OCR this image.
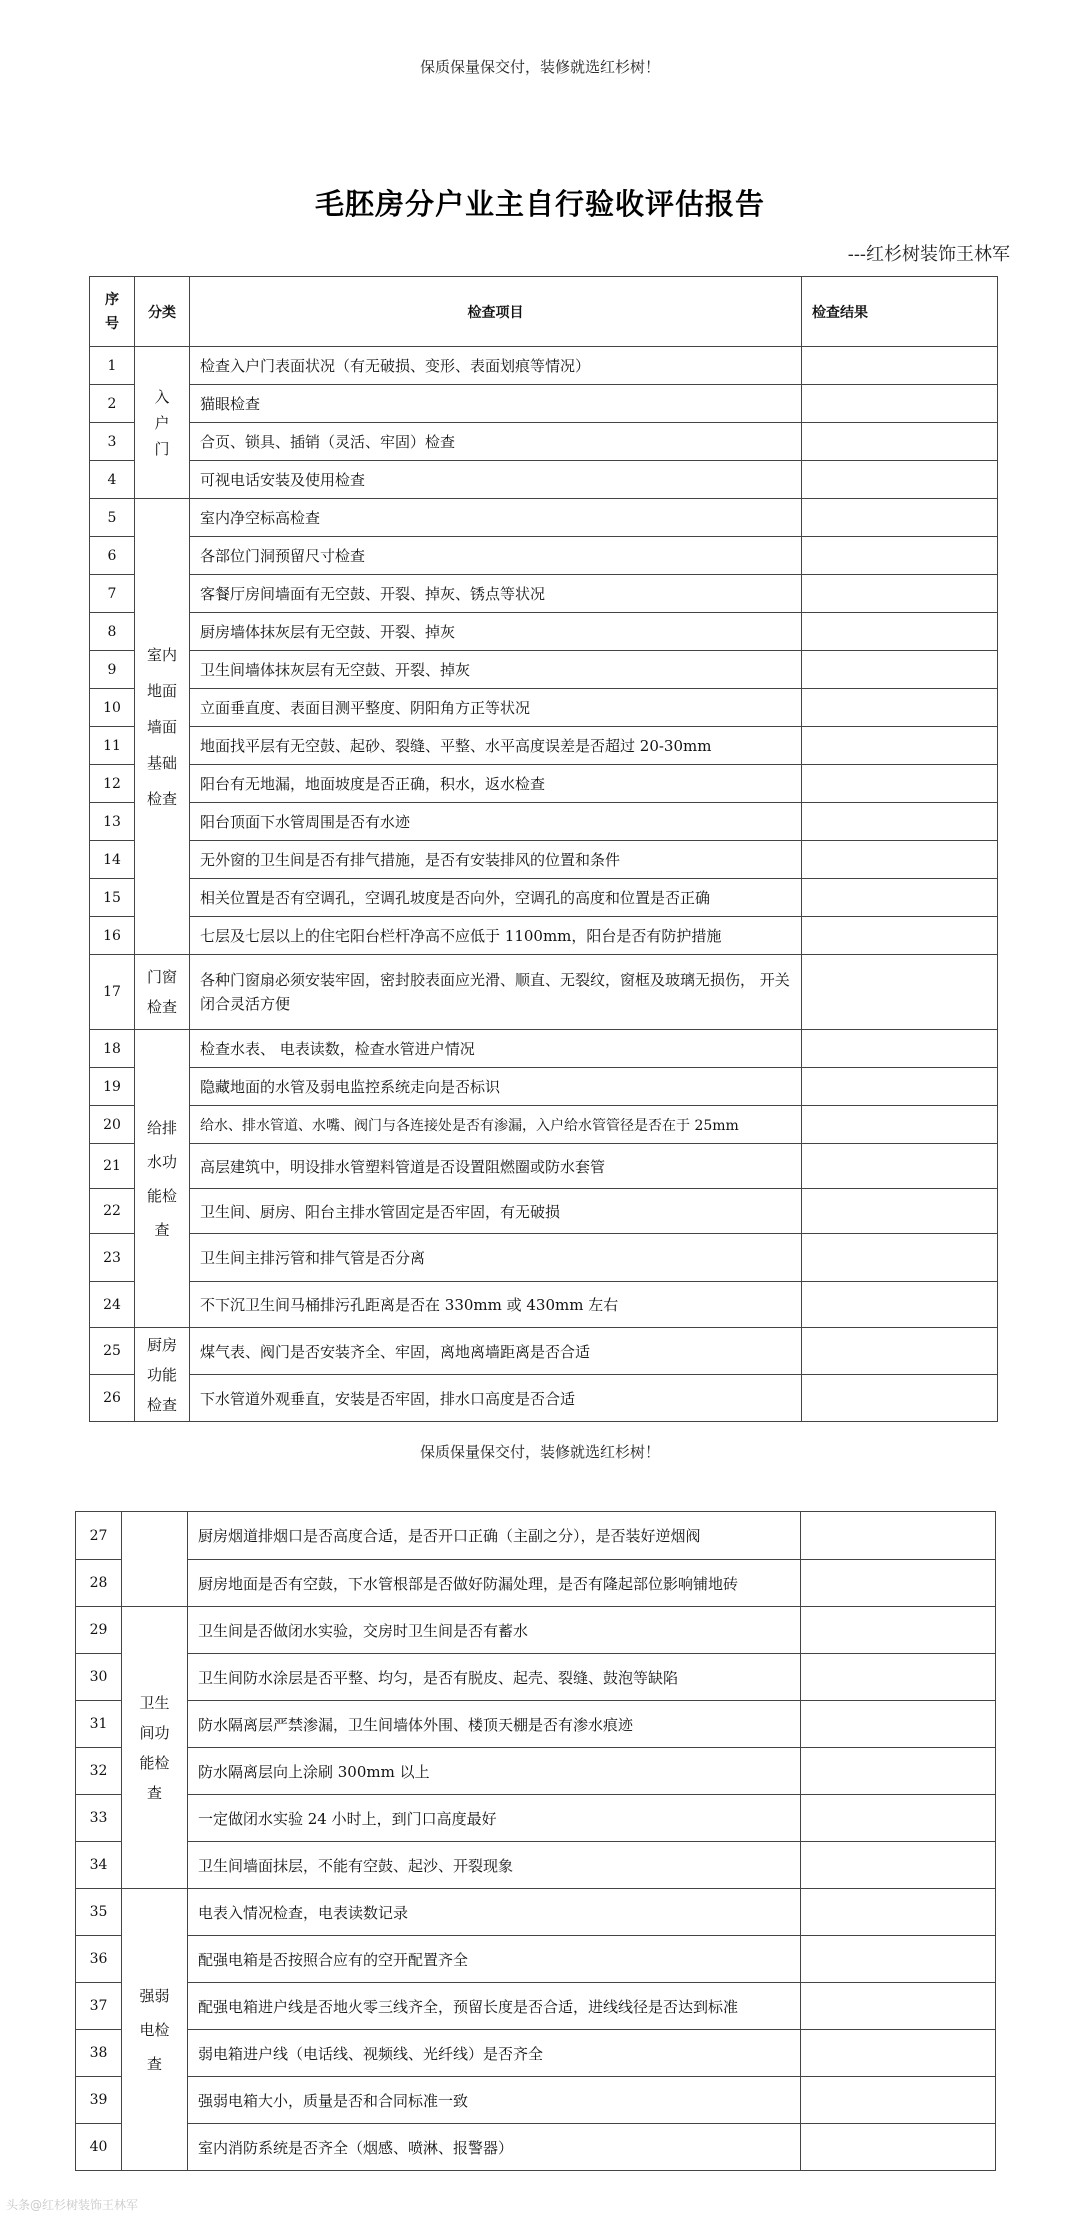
保质保量保交付，装修就选红杉树！
毛胚房分户业主自行验收评估报告
---红杉树装饰王林军
序
号	分类	检查项目	检查结果
1	入
户
门	检查入户门表面状况（有无破损、变形、表面划痕等情况）	
2		猫眼检查	
3		合页、锁具、插销（灵活、牢固）检查	
4		可视电话安装及使用检查	
5	室内
地面
墙面
基础
检查	室内净空标高检查	
6		各部位门洞预留尺寸检查	
7		客餐厅房间墙面有无空鼓、开裂、掉灰、锈点等状况	
8		厨房墙体抹灰层有无空鼓、开裂、掉灰	
9		卫生间墙体抹灰层有无空鼓、开裂、掉灰	
10		立面垂直度、表面目测平整度、阴阳角方正等状况	
11		地面找平层有无空鼓、起砂、裂缝、平整、水平高度误差是否超过 20-30mm	
12		阳台有无地漏，地面坡度是否正确，积水，返水检查	
13		阳台顶面下水管周围是否有水迹	
14		无外窗的卫生间是否有排气措施，是否有安装排风的位置和条件	
15		相关位置是否有空调孔，空调孔坡度是否向外，空调孔的高度和位置是否正确	
16		七层及七层以上的住宅阳台栏杆净高不应低于 1100mm，阳台是否有防护措施	
17	门窗
检查	各种门窗扇必须安装牢固，密封胶表面应光滑、顺直、无裂纹，窗框及玻璃无损伤， 开关闭合灵活方便	
18	给排
水功
能检
查	检查水表、 电表读数，检查水管进户情况	
19		隐藏地面的水管及弱电监控系统走向是否标识	
20		给水、排水管道、水嘴、阀门与各连接处是否有渗漏，入户给水管管径是否在于 25mm	
21		高层建筑中，明设排水管塑料管道是否设置阻燃圈或防水套管	
22		卫生间、厨房、阳台主排水管固定是否牢固，有无破损	
23		卫生间主排污管和排气管是否分离	
24		不下沉卫生间马桶排污孔距离是否在 330mm 或 430mm 左右	
25	厨房
功能
检查	煤气表、阀门是否安装齐全、牢固，离地离墙距离是否合适	
26		下水管道外观垂直，安装是否牢固，排水口高度是否合适	
保质保量保交付，装修就选红杉树！
27		厨房烟道排烟口是否高度合适，是否开口正确（主副之分），是否装好逆烟阀	
28		厨房地面是否有空鼓，下水管根部是否做好防漏处理，是否有隆起部位影响铺地砖	
29	卫生
间功
能检
查	卫生间是否做闭水实验，交房时卫生间是否有蓄水	
30		卫生间防水涂层是否平整、均匀，是否有脱皮、起壳、裂缝、鼓泡等缺陷	
31		防水隔离层严禁渗漏，卫生间墙体外围、楼顶天棚是否有渗水痕迹	
32		防水隔离层向上涂刷 300mm 以上	
33		一定做闭水实验 24 小时上，到门口高度最好	
34		卫生间墙面抹层，不能有空鼓、起沙、开裂现象	
35	强弱
电检
查	电表入情况检查，电表读数记录	
36		配强电箱是否按照合应有的空开配置齐全	
37		配强电箱进户线是否地火零三线齐全，预留长度是否合适，进线线径是否达到标准	
38		弱电箱进户线（电话线、视频线、光纤线）是否齐全	
39		强弱电箱大小，质量是否和合同标准一致	
40		室内消防系统是否齐全（烟感、喷淋、报警器）	
头条@红杉树装饰王林军
